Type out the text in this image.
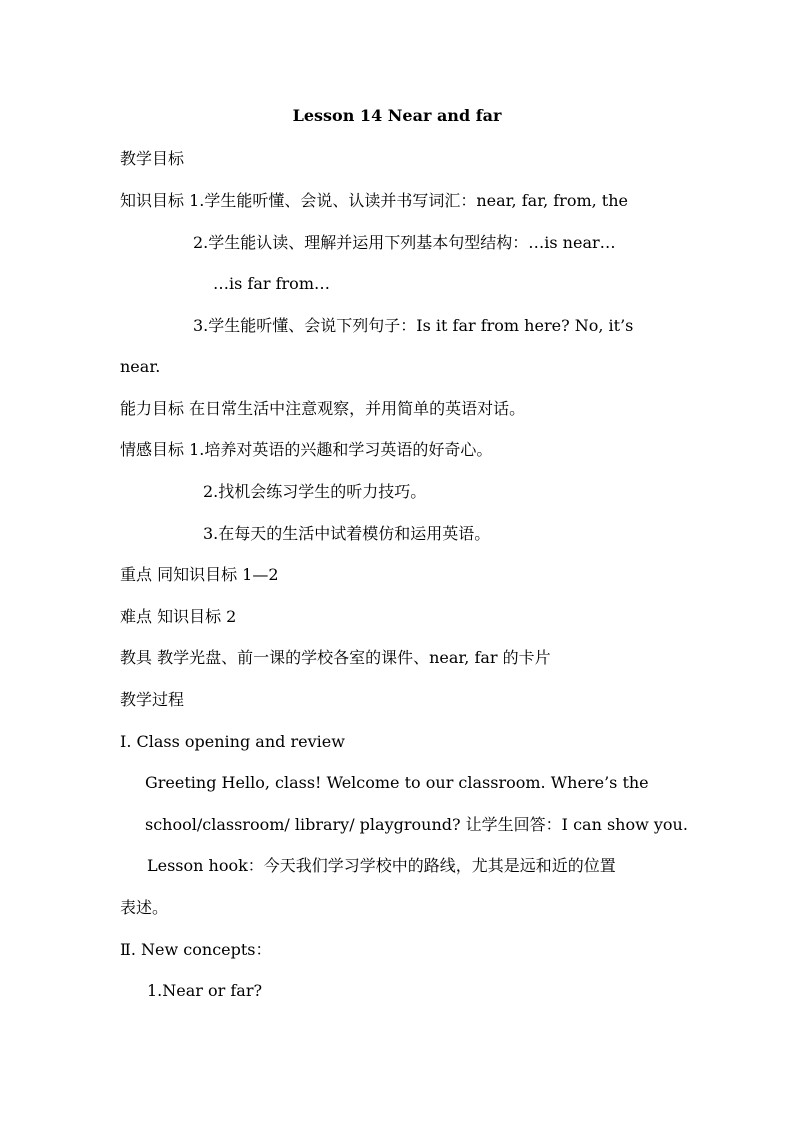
Lesson 14 Near and far
教学目标
知识目标 1.学生能听懂、会说、认读并书写词汇：near, far, from, the
2.学生能认读、理解并运用下列基本句型结构：…is near…
…is far from…
3.学生能听懂、会说下列句子：Is it far from here? No, it’s
near.
能力目标 在日常生活中注意观察，并用简单的英语对话。
情感目标 1.培养对英语的兴趣和学习英语的好奇心。
2.找机会练习学生的听力技巧。
3.在每天的生活中试着模仿和运用英语。
重点 同知识目标 1—2
难点 知识目标 2
教具 教学光盘、前一课的学校各室的课件、near, far 的卡片
教学过程
Ⅰ. Class opening and review
Greeting Hello, class! Welcome to our classroom. Where’s the
school/classroom/ library/ playground? 让学生回答：I can show you.
Lesson hook：今天我们学习学校中的路线，尤其是远和近的位置
表述。
Ⅱ. New concepts：
1.Near or far?
